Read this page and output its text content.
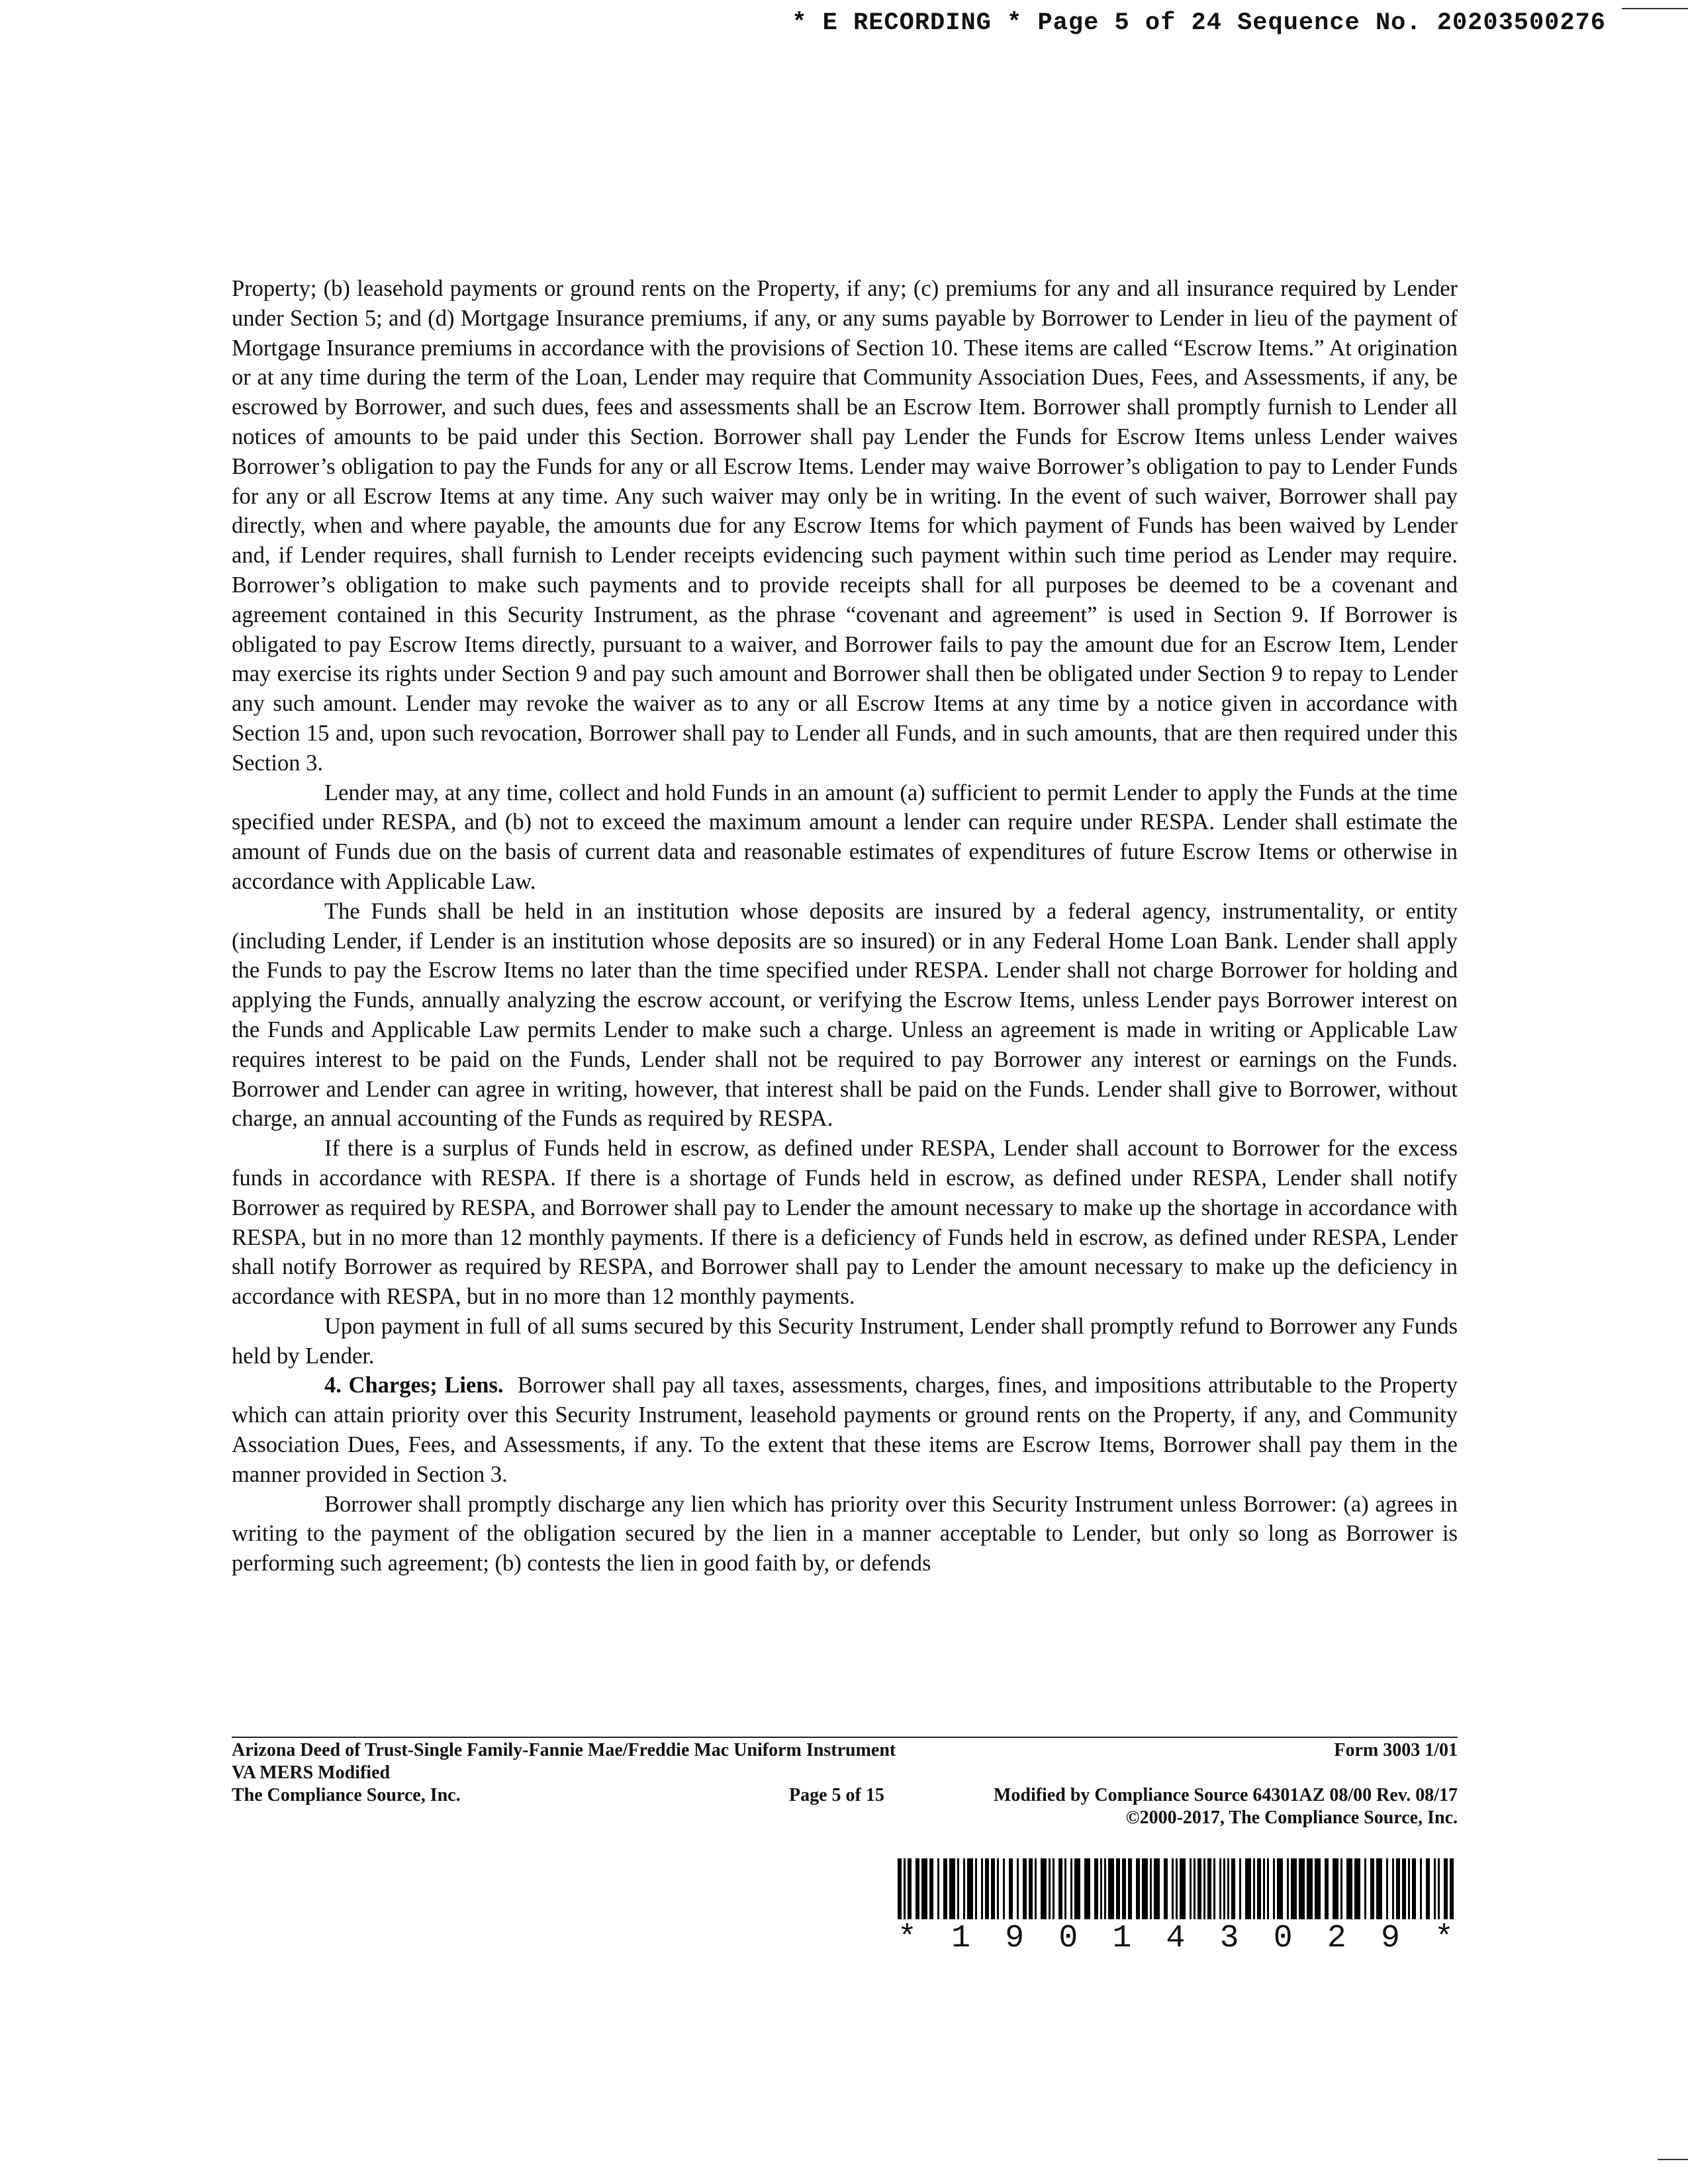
* E RECORDING * Page 5 of 24 Sequence No. 20203500276

Property; (b) leasehold payments or ground rents on the Property, if any; (c) premiums for any and all insurance required by Lender under Section 5; and (d) Mortgage Insurance premiums, if any, or any sums payable by Borrower to Lender in lieu of the payment of Mortgage Insurance premiums in accordance with the provisions of Section 10. These items are called “Escrow Items.” At origination or at any time during the term of the Loan, Lender may require that Community Association Dues, Fees, and Assessments, if any, be escrowed by Borrower, and such dues, fees and assessments shall be an Escrow Item. Borrower shall promptly furnish to Lender all notices of amounts to be paid under this Section. Borrower shall pay Lender the Funds for Escrow Items unless Lender waives Borrower’s obligation to pay the Funds for any or all Escrow Items. Lender may waive Borrower’s obligation to pay to Lender Funds for any or all Escrow Items at any time. Any such waiver may only be in writing. In the event of such waiver, Borrower shall pay directly, when and where payable, the amounts due for any Escrow Items for which payment of Funds has been waived by Lender and, if Lender requires, shall furnish to Lender receipts evidencing such payment within such time period as Lender may require. Borrower’s obligation to make such payments and to provide receipts shall for all purposes be deemed to be a covenant and agreement contained in this Security Instrument, as the phrase “covenant and agreement” is used in Section 9. If Borrower is obligated to pay Escrow Items directly, pursuant to a waiver, and Borrower fails to pay the amount due for an Escrow Item, Lender may exercise its rights under Section 9 and pay such amount and Borrower shall then be obligated under Section 9 to repay to Lender any such amount. Lender may revoke the waiver as to any or all Escrow Items at any time by a notice given in accordance with Section 15 and, upon such revocation, Borrower shall pay to Lender all Funds, and in such amounts, that are then required under this Section 3.

Lender may, at any time, collect and hold Funds in an amount (a) sufficient to permit Lender to apply the Funds at the time specified under RESPA, and (b) not to exceed the maximum amount a lender can require under RESPA. Lender shall estimate the amount of Funds due on the basis of current data and reasonable estimates of expenditures of future Escrow Items or otherwise in accordance with Applicable Law.

The Funds shall be held in an institution whose deposits are insured by a federal agency, instrumentality, or entity (including Lender, if Lender is an institution whose deposits are so insured) or in any Federal Home Loan Bank. Lender shall apply the Funds to pay the Escrow Items no later than the time specified under RESPA. Lender shall not charge Borrower for holding and applying the Funds, annually analyzing the escrow account, or verifying the Escrow Items, unless Lender pays Borrower interest on the Funds and Applicable Law permits Lender to make such a charge. Unless an agreement is made in writing or Applicable Law requires interest to be paid on the Funds, Lender shall not be required to pay Borrower any interest or earnings on the Funds. Borrower and Lender can agree in writing, however, that interest shall be paid on the Funds. Lender shall give to Borrower, without charge, an annual accounting of the Funds as required by RESPA.

If there is a surplus of Funds held in escrow, as defined under RESPA, Lender shall account to Borrower for the excess funds in accordance with RESPA. If there is a shortage of Funds held in escrow, as defined under RESPA, Lender shall notify Borrower as required by RESPA, and Borrower shall pay to Lender the amount necessary to make up the shortage in accordance with RESPA, but in no more than 12 monthly payments. If there is a deficiency of Funds held in escrow, as defined under RESPA, Lender shall notify Borrower as required by RESPA, and Borrower shall pay to Lender the amount necessary to make up the deficiency in accordance with RESPA, but in no more than 12 monthly payments.

Upon payment in full of all sums secured by this Security Instrument, Lender shall promptly refund to Borrower any Funds held by Lender.

4. Charges; Liens. Borrower shall pay all taxes, assessments, charges, fines, and impositions attributable to the Property which can attain priority over this Security Instrument, leasehold payments or ground rents on the Property, if any, and Community Association Dues, Fees, and Assessments, if any. To the extent that these items are Escrow Items, Borrower shall pay them in the manner provided in Section 3.

Borrower shall promptly discharge any lien which has priority over this Security Instrument unless Borrower: (a) agrees in writing to the payment of the obligation secured by the lien in a manner acceptable to Lender, but only so long as Borrower is performing such agreement; (b) contests the lien in good faith by, or defends

Arizona Deed of Trust-Single Family-Fannie Mae/Freddie Mac Uniform Instrument	Form 3003 1/01
VA MERS Modified
The Compliance Source, Inc.	Page 5 of 15	Modified by Compliance Source 64301AZ 08/00 Rev. 08/17
©2000-2017, The Compliance Source, Inc.
* 1 9 0 1 4 3 0 2 9 *
